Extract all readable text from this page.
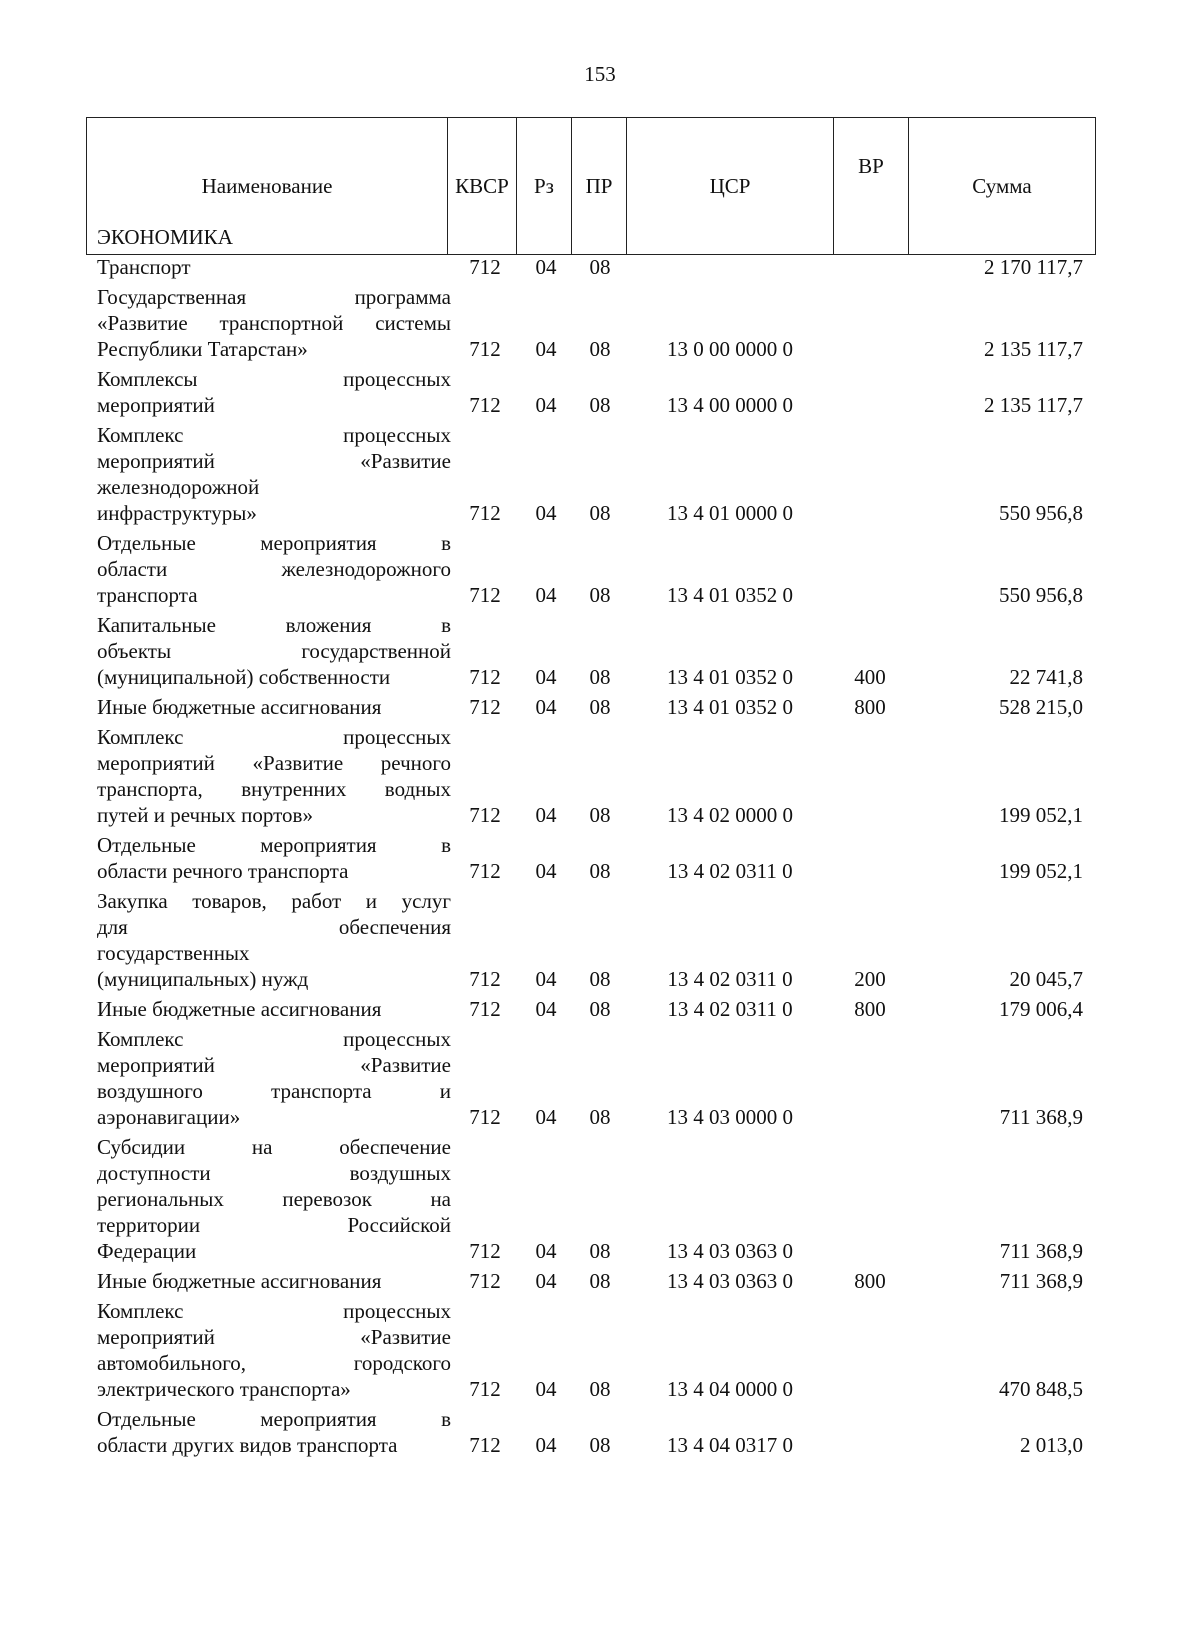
153
Наименование	КВСР	Рз	ПР	ЦСР	ВР	Сумма
ЭКОНОМИКА						

Транспорт	712	04	08			2 170 117,7

Государственная программа
«Развитие транспортной системы
Республики Татарстан»	712	04	08	13 0 00 0000 0		2 135 117,7

Комплексы процессных
мероприятий	712	04	08	13 4 00 0000 0		2 135 117,7

Комплекс процессных
мероприятий «Развитие
железнодорожной
инфраструктуры»	712	04	08	13 4 01 0000 0		550 956,8

Отдельные мероприятия в
области железнодорожного
транспорта	712	04	08	13 4 01 0352 0		550 956,8

Капитальные вложения в
объекты государственной
(муниципальной) собственности	712	04	08	13 4 01 0352 0	400	22 741,8

Иные бюджетные ассигнования	712	04	08	13 4 01 0352 0	800	528 215,0

Комплекс процессных
мероприятий «Развитие речного
транспорта, внутренних водных
путей и речных портов»	712	04	08	13 4 02 0000 0		199 052,1

Отдельные мероприятия в
области речного транспорта	712	04	08	13 4 02 0311 0		199 052,1

Закупка товаров, работ и услуг
для обеспечения
государственных
(муниципальных) нужд	712	04	08	13 4 02 0311 0	200	20 045,7

Иные бюджетные ассигнования	712	04	08	13 4 02 0311 0	800	179 006,4

Комплекс процессных
мероприятий «Развитие
воздушного транспорта и
аэронавигации»	712	04	08	13 4 03 0000 0		711 368,9

Субсидии на обеспечение
доступности воздушных
региональных перевозок на
территории Российской
Федерации	712	04	08	13 4 03 0363 0		711 368,9

Иные бюджетные ассигнования	712	04	08	13 4 03 0363 0	800	711 368,9

Комплекс процессных
мероприятий «Развитие
автомобильного, городского
электрического транспорта»	712	04	08	13 4 04 0000 0		470 848,5

Отдельные мероприятия в
области других видов транспорта	712	04	08	13 4 04 0317 0		2 013,0
